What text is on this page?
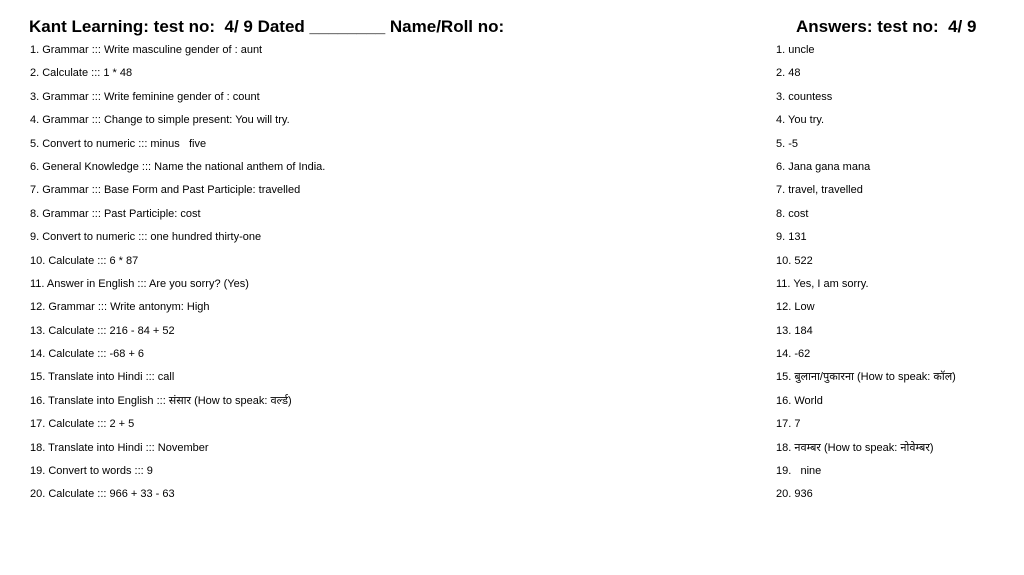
Kant Learning: test no:  4/ 9 Dated ________ Name/Roll no:	Answers: test no:  4/ 9
1. Grammar ::: Write masculine gender of : aunt
2. Calculate ::: 1 * 48
3. Grammar ::: Write feminine gender of : count
4. Grammar ::: Change to simple present: You will try.
5. Convert to numeric ::: minus   five
6. General Knowledge ::: Name the national anthem of India.
7. Grammar ::: Base Form and Past Participle: travelled
8. Grammar ::: Past Participle: cost
9. Convert to numeric ::: one hundred thirty-one
10. Calculate ::: 6 * 87
11. Answer in English ::: Are you sorry? (Yes)
12. Grammar ::: Write antonym: High
13. Calculate ::: 216 - 84 + 52
14. Calculate ::: -68 + 6
15. Translate into Hindi ::: call
16. Translate into English ::: संसार (How to speak: वर्ल्ड)
17. Calculate ::: 2 + 5
18. Translate into Hindi ::: November
19. Convert to words ::: 9
20. Calculate ::: 966 + 33 - 63
1. uncle
2. 48
3. countess
4. You try.
5. -5
6. Jana gana mana
7. travel, travelled
8. cost
9. 131
10. 522
11. Yes, I am sorry.
12. Low
13. 184
14. -62
15. बुलाना/पुकारना (How to speak: कॉल)
16. World
17. 7
18. नवम्बर (How to speak: नोवेम्बर)
19.   nine
20. 936
